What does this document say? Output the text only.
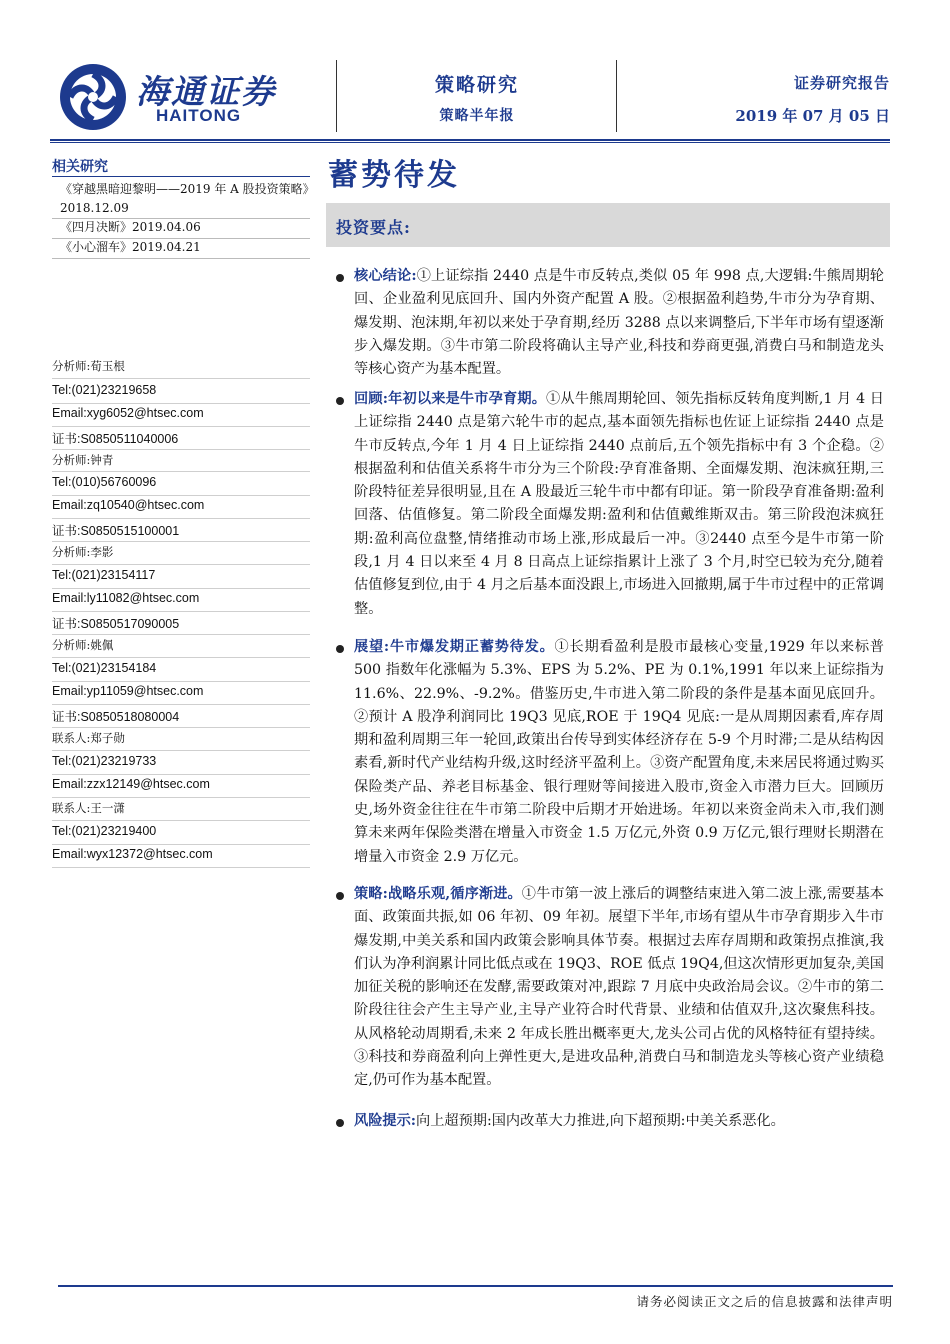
海通证券
HAITONG
策略研究
策略半年报
证券研究报告
2019 年 07 月 05 日
相关研究
《穿越黑暗迎黎明——2019 年 A 股投资策略》2018.12.09
《四月决断》2019.04.06
《小心溜车》2019.04.21
分析师:荀玉根
Tel:(021)23219658
Email:xyg6052@htsec.com
证书:S0850511040006
分析师:钟青
Tel:(010)56760096
Email:zq10540@htsec.com
证书:S0850515100001
分析师:李影
Tel:(021)23154117
Email:ly11082@htsec.com
证书:S0850517090005
分析师:姚佩
Tel:(021)23154184
Email:yp11059@htsec.com
证书:S0850518080004
联系人:郑子勋
Tel:(021)23219733
Email:zzx12149@htsec.com
联系人:王一潇
Tel:(021)23219400
Email:wyx12372@htsec.com
蓄势待发
投资要点:
核心结论:①上证综指 2440 点是牛市反转点,类似 05 年 998 点,大逻辑:牛熊周期轮回、企业盈利见底回升、国内外资产配置 A 股。②根据盈利趋势,牛市分为孕育期、爆发期、泡沫期,年初以来处于孕育期,经历 3288 点以来调整后,下半年市场有望逐渐步入爆发期。③牛市第二阶段将确认主导产业,科技和券商更强,消费白马和制造龙头等核心资产为基本配置。
回顾:年初以来是牛市孕育期。①从牛熊周期轮回、领先指标反转角度判断,1 月 4 日上证综指 2440 点是第六轮牛市的起点,基本面领先指标也佐证上证综指 2440 点是牛市反转点,今年 1 月 4 日上证综指 2440 点前后,五个领先指标中有 3 个企稳。②根据盈利和估值关系将牛市分为三个阶段:孕育准备期、全面爆发期、泡沫疯狂期,三阶段特征差异很明显,且在 A 股最近三轮牛市中都有印证。第一阶段孕育准备期:盈利回落、估值修复。第二阶段全面爆发期:盈利和估值戴维斯双击。第三阶段泡沫疯狂期:盈利高位盘整,情绪推动市场上涨,形成最后一冲。③2440 点至今是牛市第一阶段,1 月 4 日以来至 4 月 8 日高点上证综指累计上涨了 3 个月,时空已较为充分,随着估值修复到位,由于 4 月之后基本面没跟上,市场进入回撤期,属于牛市过程中的正常调整。
展望:牛市爆发期正蓄势待发。①长期看盈利是股市最核心变量,1929 年以来标普 500 指数年化涨幅为 5.3%、EPS 为 5.2%、PE 为 0.1%,1991 年以来上证综指为 11.6%、22.9%、-9.2%。借鉴历史,牛市进入第二阶段的条件是基本面见底回升。②预计 A 股净利润同比 19Q3 见底,ROE 于 19Q4 见底:一是从周期因素看,库存周期和盈利周期三年一轮回,政策出台传导到实体经济存在 5-9 个月时滞;二是从结构因素看,新时代产业结构升级,这时经济平盈利上。③资产配置角度,未来居民将通过购买保险类产品、养老目标基金、银行理财等间接进入股市,资金入市潜力巨大。回顾历史,场外资金往往在牛市第二阶段中后期才开始进场。年初以来资金尚未入市,我们测算未来两年保险类潜在增量入市资金 1.5 万亿元,外资 0.9 万亿元,银行理财长期潜在增量入市资金 2.9 万亿元。
策略:战略乐观,循序渐进。①牛市第一波上涨后的调整结束进入第二波上涨,需要基本面、政策面共振,如 06 年初、09 年初。展望下半年,市场有望从牛市孕育期步入牛市爆发期,中美关系和国内政策会影响具体节奏。根据过去库存周期和政策拐点推演,我们认为净利润累计同比低点或在 19Q3、ROE 低点 19Q4,但这次情形更加复杂,美国加征关税的影响还在发酵,需要政策对冲,跟踪 7 月底中央政治局会议。②牛市的第二阶段往往会产生主导产业,主导产业符合时代背景、业绩和估值双升,这次聚焦科技。从风格轮动周期看,未来 2 年成长胜出概率更大,龙头公司占优的风格特征有望持续。③科技和券商盈利向上弹性更大,是进攻品种,消费白马和制造龙头等核心资产业绩稳定,仍可作为基本配置。
风险提示:向上超预期:国内改革大力推进,向下超预期:中美关系恶化。
请务必阅读正文之后的信息披露和法律声明
